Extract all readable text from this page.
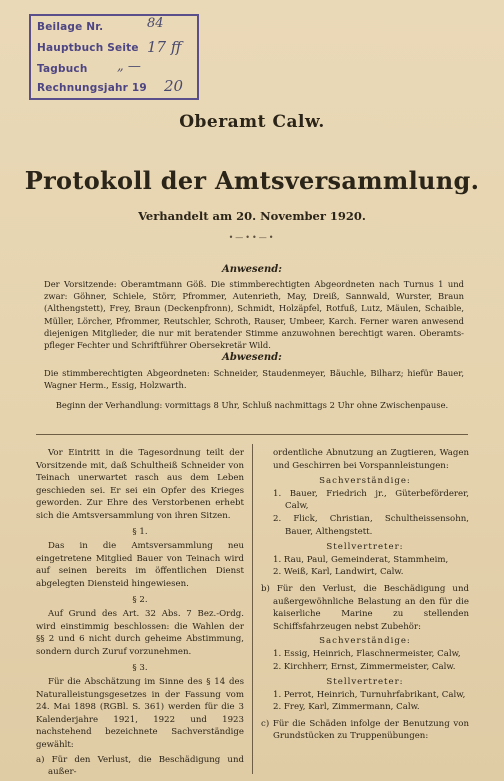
Beilage Nr.	84
Hauptbuch Seite 17 ff
Tagbuch „ —
Rechnungsjahr 19 20
Oberamt Calw.
Protokoll der Amtsversammlung.
Verhandelt am 20. November 1920.
•—••—•
Anwesend:
Der Vorsitzende: Oberamtmann Göß. Die stimmberechtigten Abgeordneten nach Turnus 1 und zwar: Göhner, Schiele, Störr, Pfrommer, Autenrieth, May, Dreiß, Sannwald, Wurster, Braun (Althengstett), Frey, Braun (Deckenpfronn), Schmidt, Holzäpfel, Rotfuß, Lutz, Mäulen, Schaible, Müller, Lörcher, Pfrommer, Reutschler, Schroth, Rauser, Umbeer, Karch. Ferner waren anwesend diejenigen Mitglieder, die nur mit beratender Stimme anzuwohnen berechtigt waren. Oberamtspfleger Fechter und Schriftführer Obersekretär Wild.
Abwesend:
Die stimmberechtigten Abgeordneten: Schneider, Staudenmeyer, Bäuchle, Bilharz; hiefür Bauer, Wagner Herm., Essig, Holzwarth.
Beginn der Verhandlung: vormittags 8 Uhr, Schluß nachmittags 2 Uhr ohne Zwischenpause.

Vor Eintritt in die Tagesordnung teilt der Vorsitzende mit, daß Schultheiß Schneider von Teinach unerwartet rasch aus dem Leben geschieden sei. Er sei ein Opfer des Krieges geworden. Zur Ehre des Verstorbenen erhebt sich die Amtsversammlung von ihren Sitzen.

§ 1.

Das in die Amtsversammlung neu eingetretene Mitglied Bauer von Teinach wird auf seinen bereits im öffentlichen Dienst abgelegten Diensteid hingewiesen.

§ 2.

Auf Grund des Art. 32 Abs. 7 Bez.-Ordg. wird einstimmig beschlossen: die Wahlen der §§ 2 und 6 nicht durch geheime Abstimmung, sondern durch Zuruf vorzunehmen.

§ 3.

Für die Abschätzung im Sinne des § 14 des Naturalleistungsgesetzes in der Fassung vom 24. Mai 1898 (RGBl. S. 361) werden für die 3 Kalenderjahre 1921, 1922 und 1923 nachstehend bezeichnete Sachverständige gewählt:

a) Für den Verlust, die Beschädigung und außer-

ordentliche Abnutzung an Zugtieren, Wagen und Geschirren bei Vorspannleistungen:

Sachverständige:

1. Bauer, Friedrich jr., Güterbeförderer, Calw,

2. Flick, Christian, Schultheissensohn, Bauer, Althengstett.

Stellvertreter:

1. Rau, Paul, Gemeinderat, Stammheim,

2. Weiß, Karl, Landwirt, Calw.

b) Für den Verlust, die Beschädigung und außergewöhnliche Belastung an den für die kaiserliche Marine zu stellenden Schiffsfahrzeugen nebst Zubehör:

Sachverständige:

1. Essig, Heinrich, Flaschnermeister, Calw,

2. Kirchherr, Ernst, Zimmermeister, Calw.

Stellvertreter:

1. Perrot, Heinrich, Turnuhrfabrikant, Calw,

2. Frey, Karl, Zimmermann, Calw.

c) Für die Schäden infolge der Benutzung von Grundstücken zu Truppenübungen:
